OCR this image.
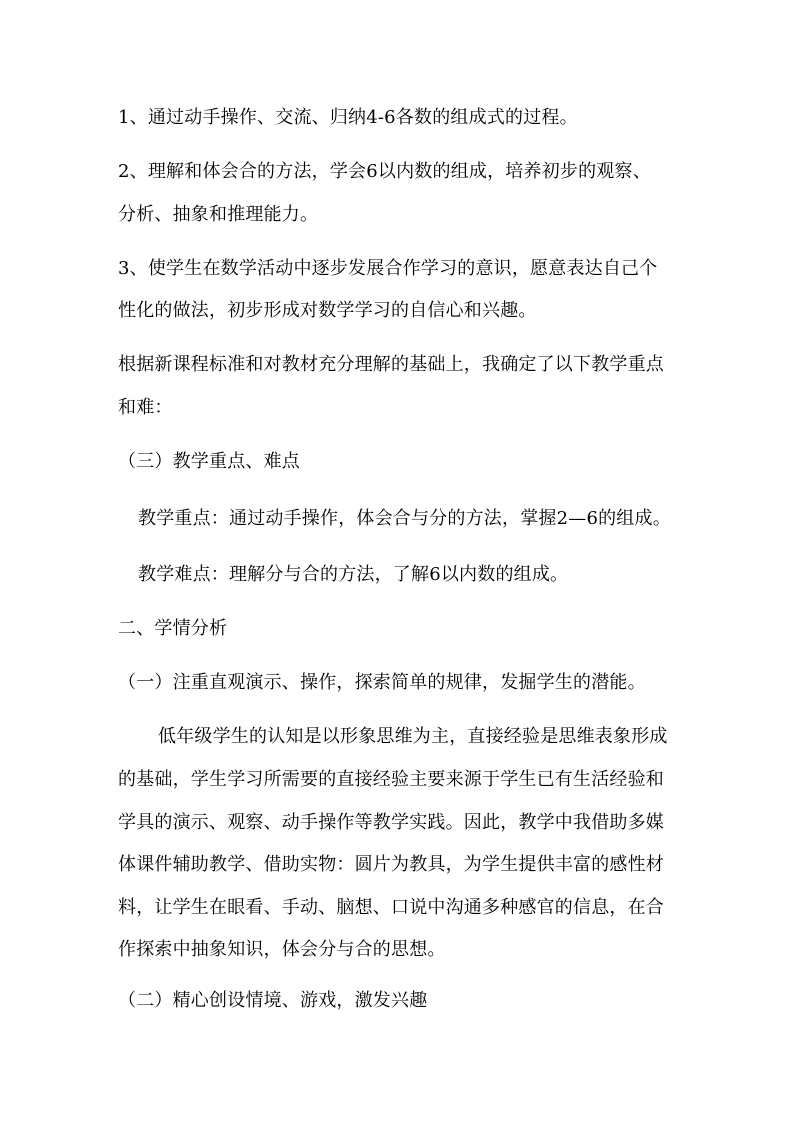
1、通过动手操作、交流、归纳4-6各数的组成式的过程。
2、理解和体会合的方法，学会6以内数的组成，培养初步的观察、
分析、抽象和推理能力。
3、使学生在数学活动中逐步发展合作学习的意识，愿意表达自己个
性化的做法，初步形成对数学学习的自信心和兴趣。
根据新课程标准和对教材充分理解的基础上，我确定了以下教学重点
和难：
（三）教学重点、难点
教学重点：通过动手操作，体会合与分的方法，掌握2—6的组成。
教学难点：理解分与合的方法，了解6以内数的组成。
二、学情分析
（一）注重直观演示、操作，探索简单的规律，发掘学生的潜能。
低年级学生的认知是以形象思维为主，直接经验是思维表象形成
的基础，学生学习所需要的直接经验主要来源于学生已有生活经验和
学具的演示、观察、动手操作等教学实践。因此，教学中我借助多媒
体课件辅助教学、借助实物：圆片为教具，为学生提供丰富的感性材
料，让学生在眼看、手动、脑想、口说中沟通多种感官的信息，在合
作探索中抽象知识，体会分与合的思想。
（二）精心创设情境、游戏，激发兴趣
